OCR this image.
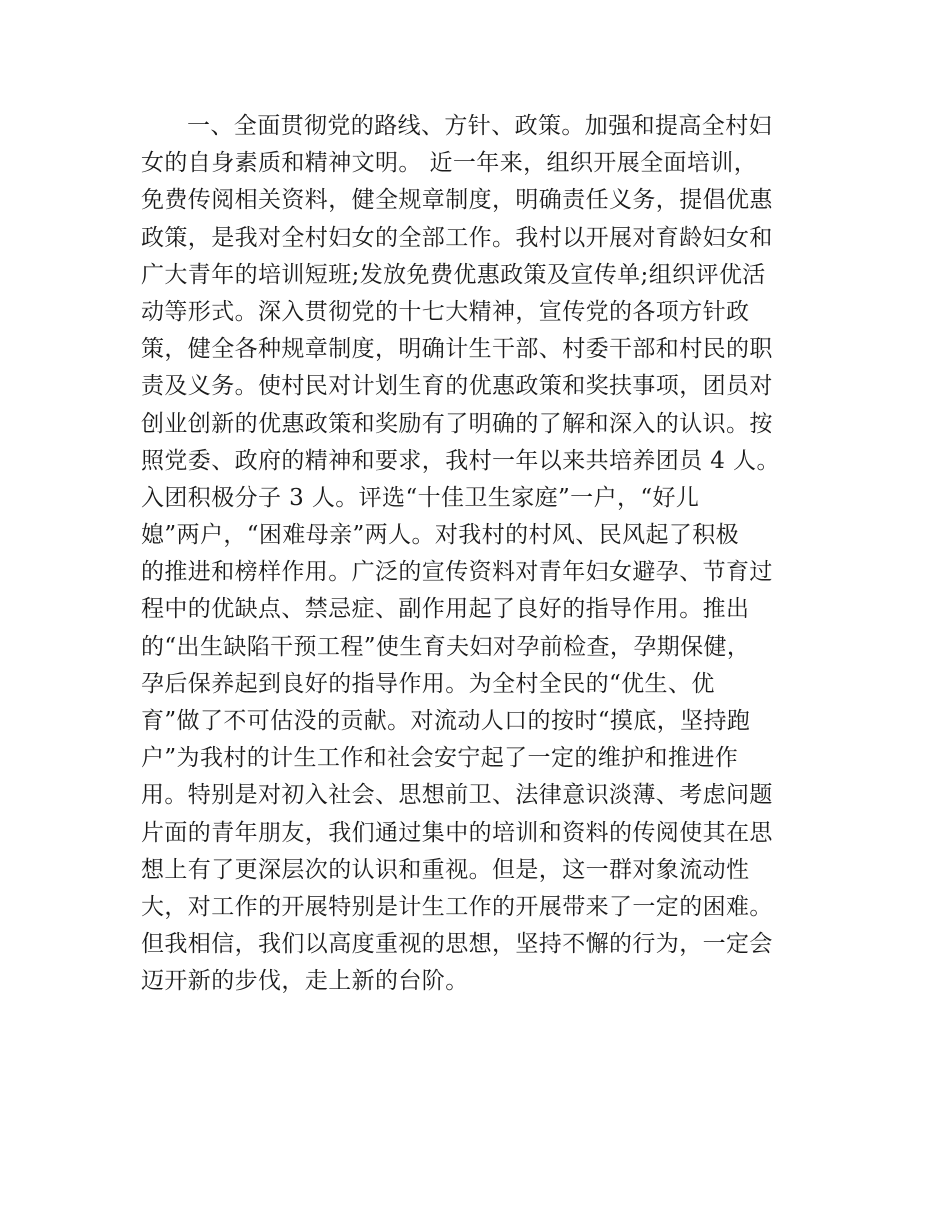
一、全面贯彻党的路线、方针、政策。加强和提高全村妇
女的自身素质和精神文明。 近一年来，组织开展全面培训，
免费传阅相关资料，健全规章制度，明确责任义务，提倡优惠
政策，是我对全村妇女的全部工作。我村以开展对育龄妇女和
广大青年的培训短班;发放免费优惠政策及宣传单;组织评优活
动等形式。深入贯彻党的十七大精神，宣传党的各项方针政
策，健全各种规章制度，明确计生干部、村委干部和村民的职
责及义务。使村民对计划生育的优惠政策和奖扶事项，团员对
创业创新的优惠政策和奖励有了明确的了解和深入的认识。按
照党委、政府的精神和要求，我村一年以来共培养团员 4 人。
入团积极分子 3 人。评选“十佳卫生家庭”一户，“好儿
媳”两户，“困难母亲”两人。对我村的村风、民风起了积极
的推进和榜样作用。广泛的宣传资料对青年妇女避孕、节育过
程中的优缺点、禁忌症、副作用起了良好的指导作用。推出
的“出生缺陷干预工程”使生育夫妇对孕前检查，孕期保健，
孕后保养起到良好的指导作用。为全村全民的“优生、优
育”做了不可估没的贡献。对流动人口的按时“摸底，坚持跑
户”为我村的计生工作和社会安宁起了一定的维护和推进作
用。特别是对初入社会、思想前卫、法律意识淡薄、考虑问题
片面的青年朋友，我们通过集中的培训和资料的传阅使其在思
想上有了更深层次的认识和重视。但是，这一群对象流动性
大，对工作的开展特别是计生工作的开展带来了一定的困难。
但我相信，我们以高度重视的思想，坚持不懈的行为，一定会
迈开新的步伐，走上新的台阶。
